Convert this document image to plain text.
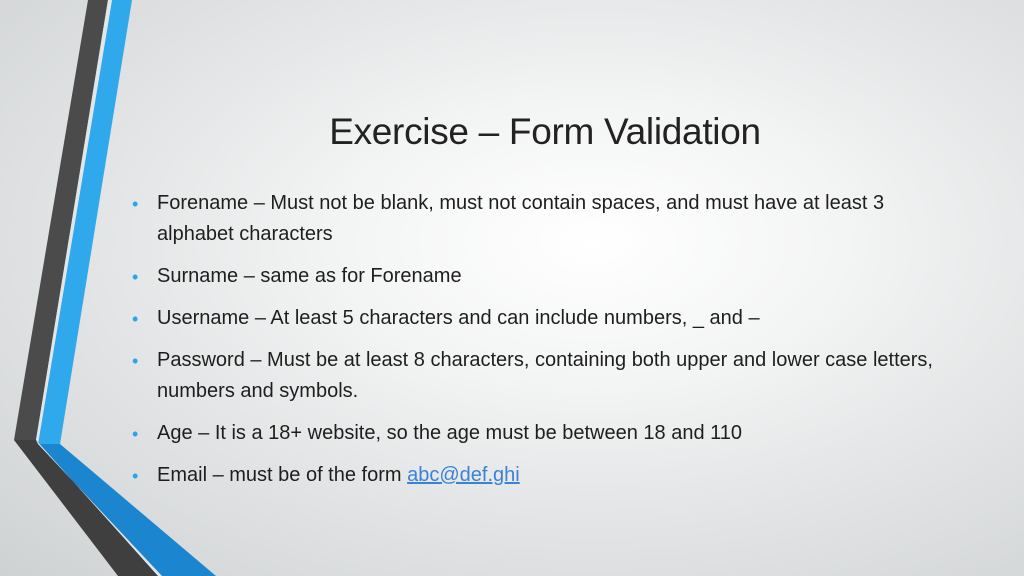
Exercise – Form Validation
• Forename – Must not be blank, must not contain spaces, and must have at least 3 alphabet characters
• Surname – same as for Forename
• Username – At least 5 characters and can include numbers, _ and –
• Password – Must be at least 8 characters, containing both upper and lower case letters, numbers and symbols.
• Age – It is a 18+ website, so the age must be between 18 and 110
• Email – must be of the form abc@def.ghi
